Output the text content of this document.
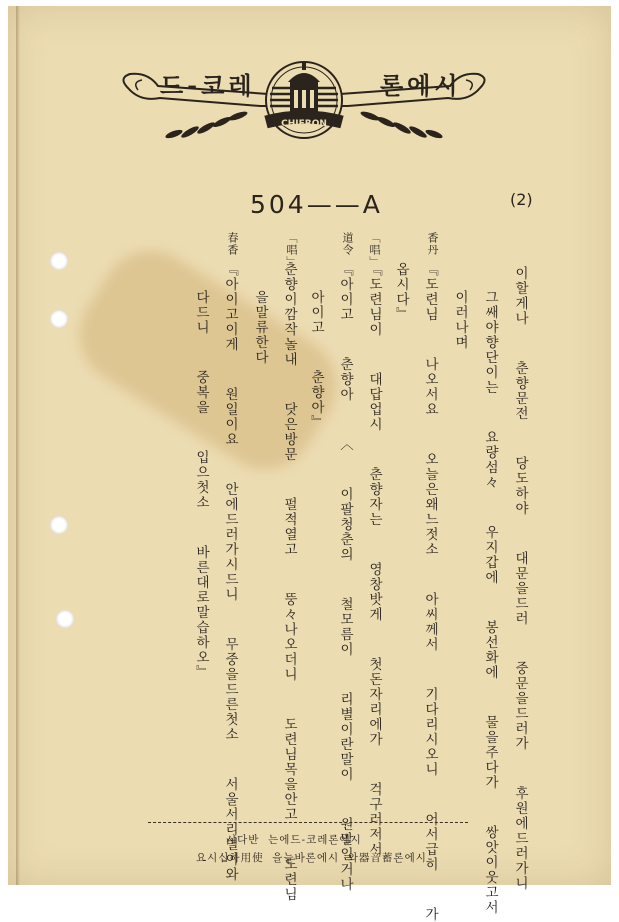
CHIERON
드-코레	론에시
504——A	(2)
이할게나  춘향문전  당도하야  대문을드러  중문을드러가  후원에드러가니
그쌔야향단이는  요량섬々  우지갑에  봉선화에  물을주다가  쌍앗이웃고서
이러나며
『도련님  나오서요  오늘은왜느젓소  아씨께서  기다리시오니  어서급히  가
옵시다』
『도련님이  대답업시  춘향자는  영창밧게  첫돈자리에가  걱구러저서
『아이고  춘향아  〈  이팔청춘의  철모름이  리별이란말이  원말일거나
아이고  춘향아』
춘향이깜작놀내  닷은방문  펄적열고  뚱々나오더니  도련님목을안고  도련님
을말류한다
『아이고이게  원일이요  안에드러가시드니  무중을드른첫소  서울서리별이와
다드니  중복을  입으첫소  바른대로말습하오』
香丹
「唱」
道令
「唱」
春香
시다반  는에드-코레론에시
요시십하用使  을늘바론에시  와器音蓄론에시
